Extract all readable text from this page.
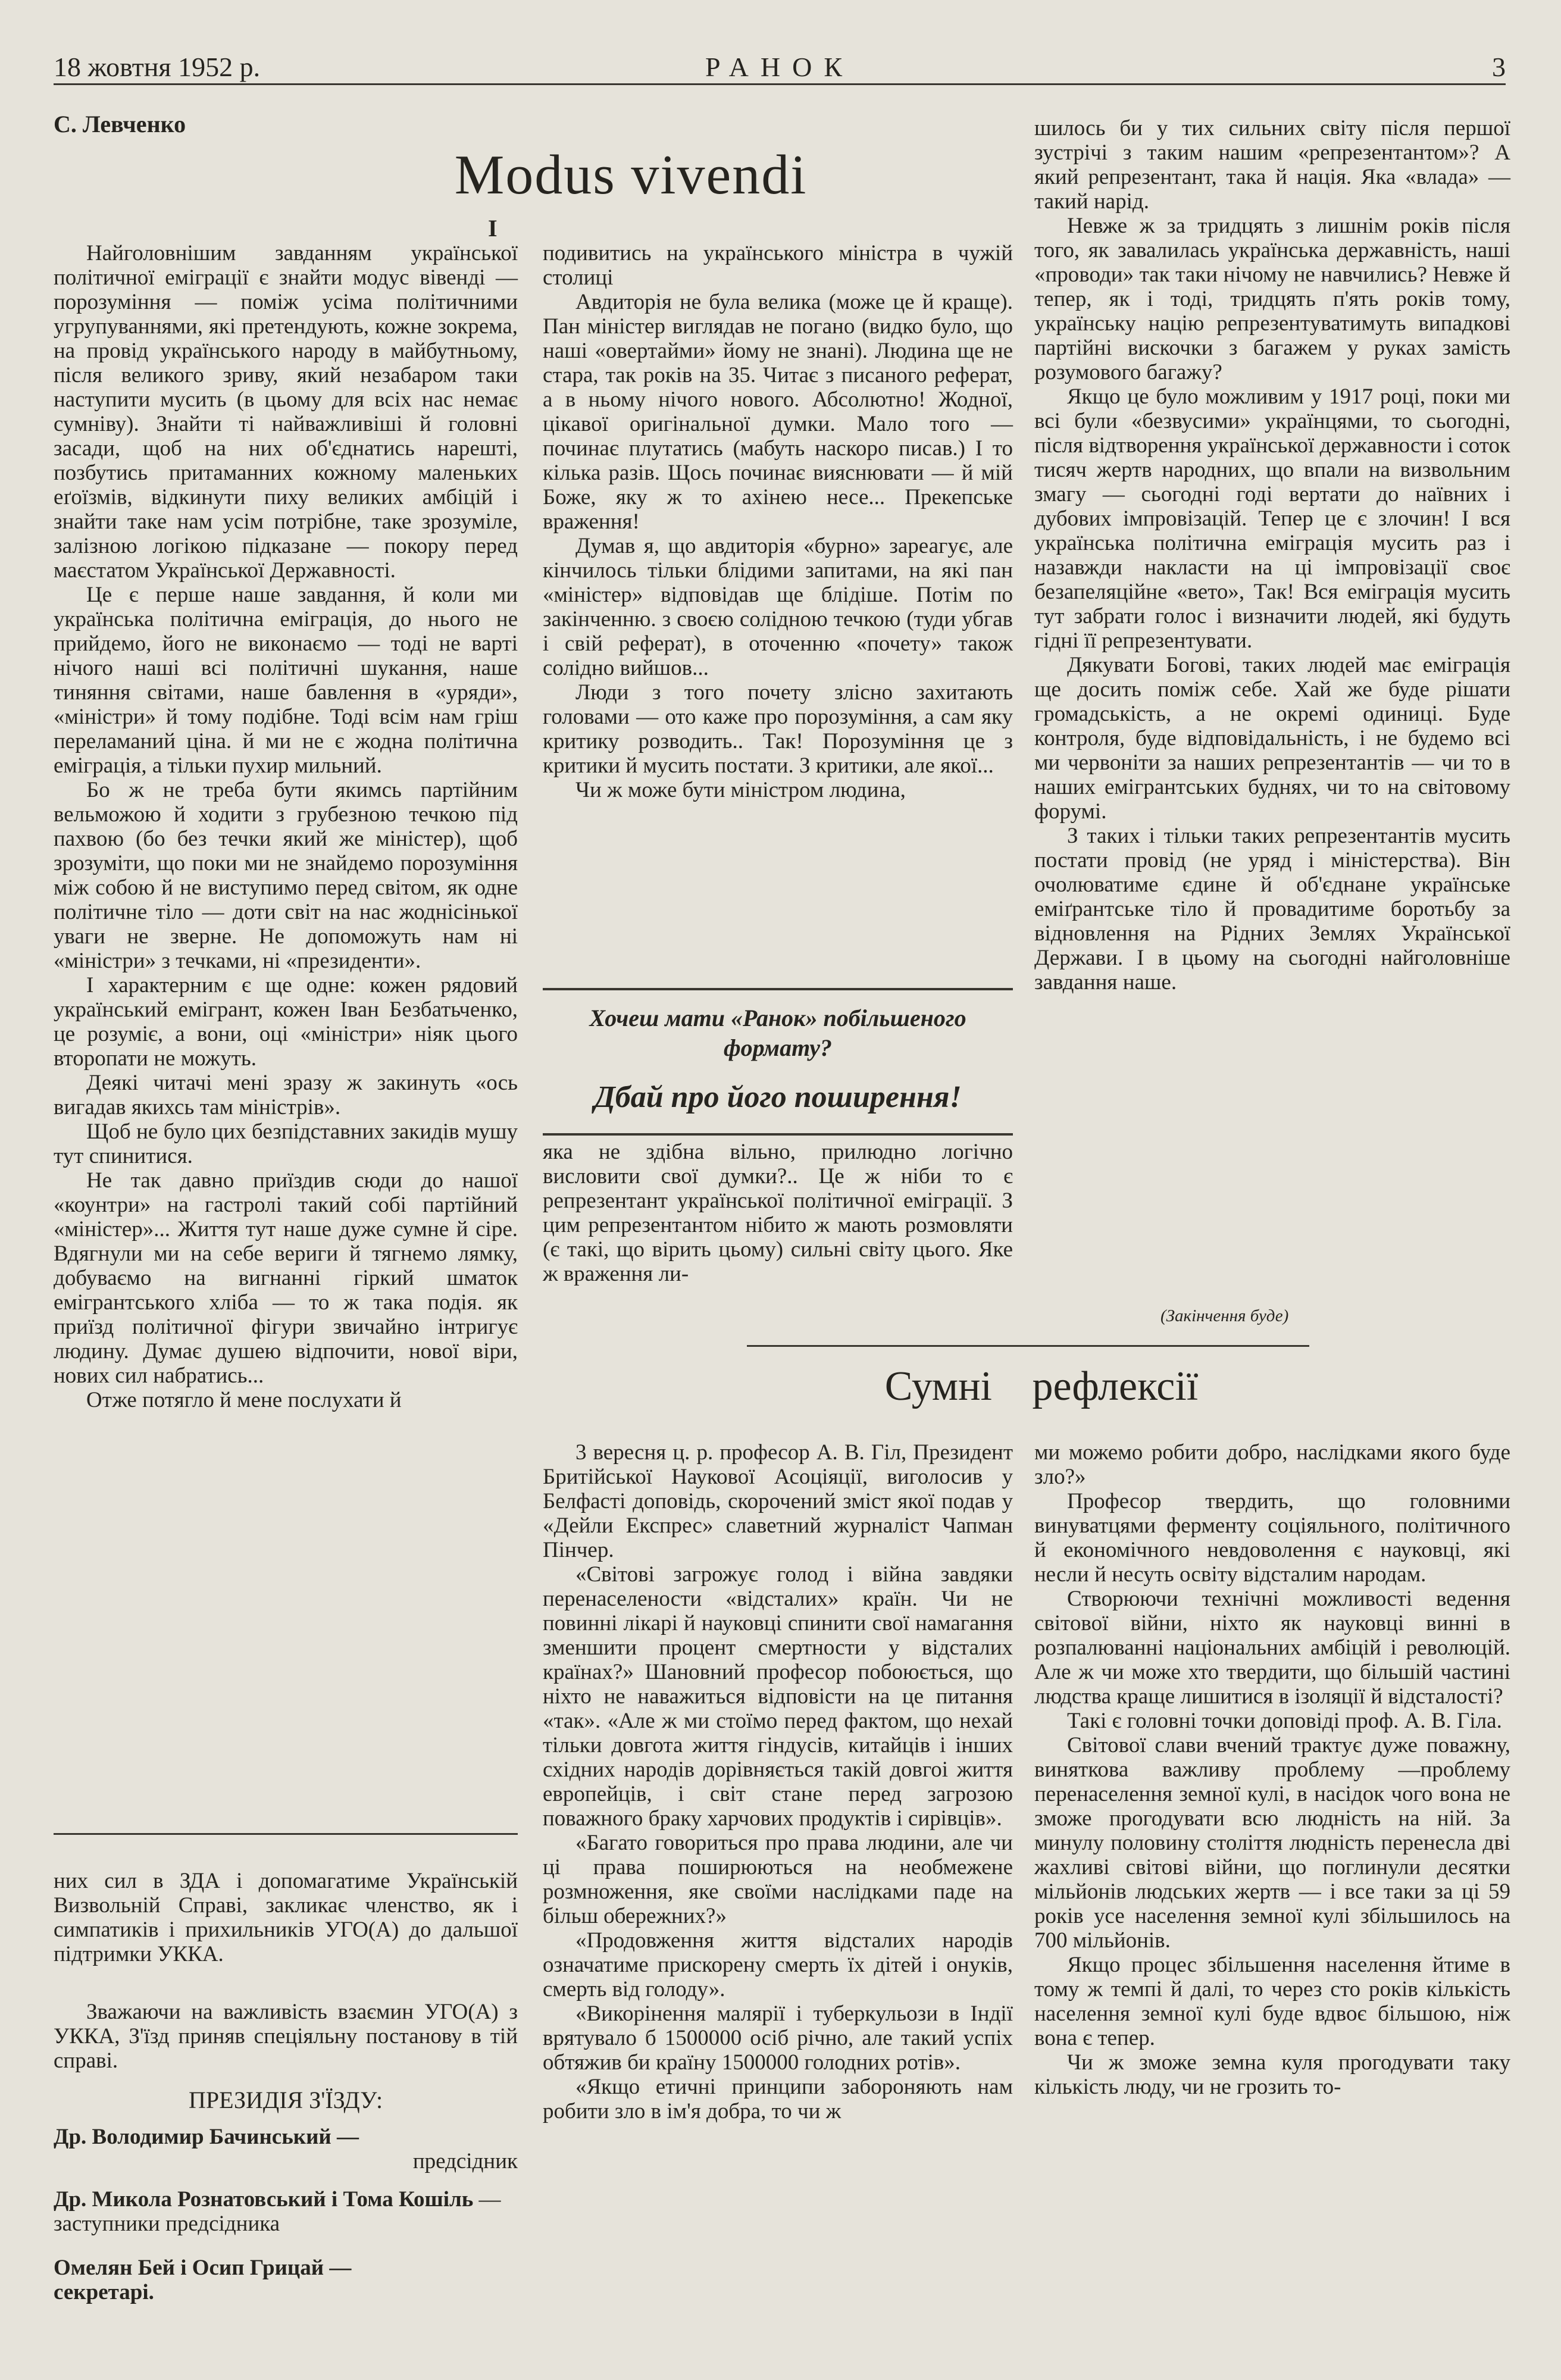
18 жовтня 1952 р.	РАНОК	3
С. Левченко
Modus vivendi
І

Найголовнішим завданням української політичної еміграції є знайти модус вівенді — порозуміння — поміж усіма політичними угрупуваннями, які претендують, кожне зокрема, на провід українського народу в майбутньому, після великого зриву, який незабаром таки наступити мусить (в цьому для всіх нас немає сумніву). Знайти ті найважливіші й головні засади, щоб на них об'єднатись нарешті, позбутись притаманних кожному маленьких еґоїзмів, відкинути пиху великих амбіцій і знайти таке нам усім потрібне, таке зрозуміле, залізною логікою підказане — покору перед маєстатом Української Державності.

Це є перше наше завдання, й коли ми українська політична еміграція, до нього не прийдемо, його не виконаємо — тоді не варті нічого наші всі політичні шукання, наше тиняння світами, наше бавлення в «уряди», «міністри» й тому подібне. Тоді всім нам гріш переламаний ціна. й ми не є жодна політична еміграція, а тільки пухир мильний.

Бо ж не треба бути якимсь партійним вельможою й ходити з грубезною течкою під пахвою (бо без течки який же міністер), щоб зрозуміти, що поки ми не знайдемо порозуміння між собою й не виступимо перед світом, як одне політичне тіло — доти світ на нас жоднісінької уваги не зверне. Не допоможуть нам ні «міністри» з течками, ні «президенти».

І характерним є ще одне: кожен рядовий український емігрант, кожен Іван Безбатьченко, це розуміє, а вони, оці «міністри» ніяк цього второпати не можуть.

Деякі читачі мені зразу ж закинуть «ось вигадав якихсь там міністрів».

Щоб не було цих безпідставних закидів мушу тут спинитися.

Не так давно приїздив сюди до нашої «коунтри» на гастролі такий собі партійний «міністер»... Життя тут наше дуже сумне й сіре. Вдягнули ми на себе вериги й тягнемо лямку, добуваємо на вигнанні гіркий шматок емігрантського хліба — то ж така подія. як приїзд політичної фігури звичайно інтригує людину. Думає душею відпочити, нової віри, нових сил набратись...

Отже потягло й мене послухати й

подивитись на українського міністра в чужій столиці

Авдиторія не була велика (може це й краще). Пан міністер виглядав не погано (видко було, що наші «овертайми» йому не знані). Людина ще не стара, так років на 35. Читає з писаного реферат, а в ньому нічого нового. Абсолютно! Жодної, цікавої оригінальної думки. Мало того — починає плутатись (мабуть наскоро писав.) І то кілька разів. Щось починає вияснювати — й мій Боже, яку ж то ахінею несе... Прекепське враження!

Думав я, що авдиторія «бурно» зареагує, але кінчилось тільки блідими запитами, на які пан «міністер» відповідав ще блідіше. Потім по закінченню. з своєю солідною течкою (туди убгав і свій реферат), в оточенню «почету» також солідно вийшов...

Люди з того почету злісно захитають головами — ото каже про порозуміння, а сам яку критику розводить.. Так! Порозуміння це з критики й мусить постати. З критики, але якої...

Чи ж може бути міністром людина,

Хочеш мати «Ранок» побільшеного формату?
Дбай про його поширення!

яка не здібна вільно, прилюдно логічно висловити свої думки?.. Це ж ніби то є репрезентант української політичної еміграції. З цим репрезентантом нібито ж мають розмовляти (є такі, що вірить цьому) сильні світу цього. Яке ж враження ли-

шилось би у тих сильних світу після першої зустрічі з таким нашим «репрезентантом»? А який репрезентант, така й нація. Яка «влада» — такий нарід.

Невже ж за тридцять з лишнім років після того, як завалилась українська державність, наші «проводи» так таки нічому не навчились? Невже й тепер, як і тоді, тридцять п'ять років тому, українську націю репрезентуватимуть випадкові партійні вискочки з багажем у руках замість розумового багажу?

Якщо це було можливим у 1917 році, поки ми всі були «безвусими» українцями, то сьогодні, після відтворення української державности і соток тисяч жертв народних, що впали на визвольним змагу — сьогодні годі вертати до наївних і дубових імпровізацій. Тепер це є злочин! І вся українська політична еміграція мусить раз і назавжди накласти на ці імпровізації своє безапеляційне «вето», Так! Вся еміграція мусить тут забрати голос і визначити людей, які будуть гідні її репрезентувати.

Дякувати Богові, таких людей має еміграція ще досить поміж себе. Хай же буде рішати громадськість, а не окремі одиниці. Буде контроля, буде відповідальність, і не будемо всі ми червоніти за наших репрезентантів — чи то в наших емігрантських буднях, чи то на світовому форумі.

З таких і тільки таких репрезентантів мусить постати провід (не уряд і міністерства). Він очолюватиме єдине й об'єднане українське еміґрантське тіло й провадитиме боротьбу за відновлення на Рідних Землях Української Держави. І в цьому на сьогодні найголовніше завдання наше.

(Закінчення буде)
Сумні рефлексії

них сил в ЗДА і допомагатиме Українській Визвольній Справі, закликає членство, як і симпатиків і прихильників УГО(А) до дальшої підтримки УККА.

Зважаючи на важливість взаємин УГО(А) з УККА, З'їзд приняв спеціяльну постанову в тій справі.

ПРЕЗИДІЯ З'ЇЗДУ:
Др. Володимир Бачинський —
предсідник
Др. Микола Рознатовський і Тома Кошіль — заступники предсідника
Омелян Бей і Осип Грицай —
секретарі.

3 вересня ц. р. професор А. В. Гіл, Президент Бритійської Наукової Асоціяції, виголосив у Белфасті доповідь, скорочений зміст якої подав у «Дейли Експрес» славетний журналіст Чапман Пінчер.

«Світові загрожує голод і війна завдяки перенаселености «відсталих» країн. Чи не повинні лікарі й науковці спинити свої намагання зменшити процент смертности у відсталих країнах?» Шановний професор побоюється, що ніхто не наважиться відповісти на це питання «так». «Але ж ми стоїмо перед фактом, що нехай тільки довгота життя гіндусів, китайців і інших східних народів дорівняється такій довгоі життя европейців, і світ стане перед загрозою поважного браку харчових продуктів і сирівців».

«Багато говориться про права людини, але чи ці права поширюються на необмежене розмноження, яке своїми наслідками паде на більш обережних?»

«Продовження життя відсталих народів означатиме прискорену смерть їх дітей і онуків, смерть від голоду».

«Викорінення малярії і туберкульози в Індії врятувало б 1500000 осіб річно, але такий успіх обтяжив би країну 1500000 голодних ротів».

«Якщо етичні принципи забороняють нам робити зло в ім'я добра, то чи ж

ми можемо робити добро, наслідками якого буде зло?»

Професор твердить, що головними винуватцями ферменту соціяльного, політичного й економічного невдоволення є науковці, які несли й несуть освіту відсталим народам.

Створюючи технічні можливості ведення світової війни, ніхто як науковці винні в розпалюванні національних амбіцій і революцій. Але ж чи може хто твердити, що більшій частині людства краще лишитися в ізоляції й відсталості?

Такі є головні точки доповіді проф. А. В. Гіла.

Світової слави вчений трактує дуже поважну, виняткова важливу проблему —проблему перенаселення земної кулі, в насідок чого вона не зможе прогодувати всю людність на ній. За минулу половину століття людність перенесла дві жахливі світові війни, що поглинули десятки мільйонів людських жертв — і все таки за ці 59 років усе населення земної кулі збільшилось на 700 мільйонів.

Якщо процес збільшення населення йтиме в тому ж темпі й далі, то через сто років кількість населення земної кулі буде вдвоє більшою, ніж вона є тепер.

Чи ж зможе земна куля прогодувати таку кількість люду, чи не грозить то-
